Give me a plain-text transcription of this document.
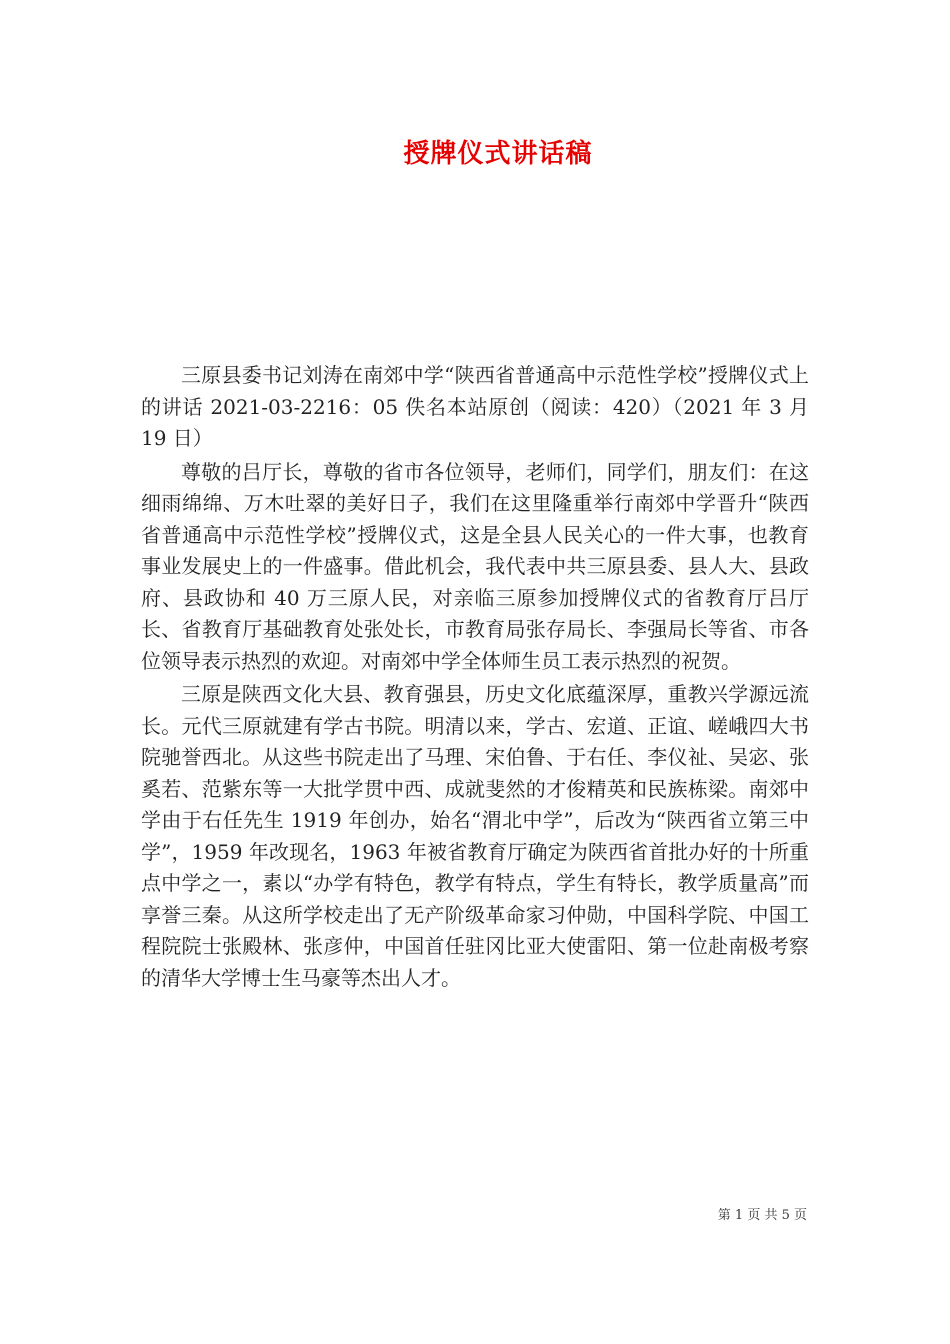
授牌仪式讲话稿

三原县委书记刘涛在南郊中学“陕西省普通高中示范性学校”授牌仪式上的讲话 2021-03-2216：05 佚名本站原创（阅读：420）（2021 年 3 月 19 日）

尊敬的吕厅长，尊敬的省市各位领导，老师们，同学们，朋友们：在这细雨绵绵、万木吐翠的美好日子，我们在这里隆重举行南郊中学晋升“陕西省普通高中示范性学校”授牌仪式，这是全县人民关心的一件大事，也教育事业发展史上的一件盛事。借此机会，我代表中共三原县委、县人大、县政府、县政协和 40 万三原人民，对亲临三原参加授牌仪式的省教育厅吕厅长、省教育厅基础教育处张处长，市教育局张存局长、李强局长等省、市各位领导表示热烈的欢迎。对南郊中学全体师生员工表示热烈的祝贺。

三原是陕西文化大县、教育强县，历史文化底蕴深厚，重教兴学源远流长。元代三原就建有学古书院。明清以来，学古、宏道、正谊、嵯峨四大书院驰誉西北。从这些书院走出了马理、宋伯鲁、于右任、李仪祉、吴宓、张奚若、范紫东等一大批学贯中西、成就斐然的才俊精英和民族栋梁。南郊中学由于右任先生 1919 年创办，始名“渭北中学”，后改为“陕西省立第三中学”，1959 年改现名，1963 年被省教育厅确定为陕西省首批办好的十所重点中学之一，素以“办学有特色，教学有特点，学生有特长，教学质量高”而享誉三秦。从这所学校走出了无产阶级革命家习仲勋，中国科学院、中国工程院院士张殿林、张彦仲，中国首任驻冈比亚大使雷阳、第一位赴南极考察的清华大学博士生马豪等杰出人才。

第 1 页 共 5 页
